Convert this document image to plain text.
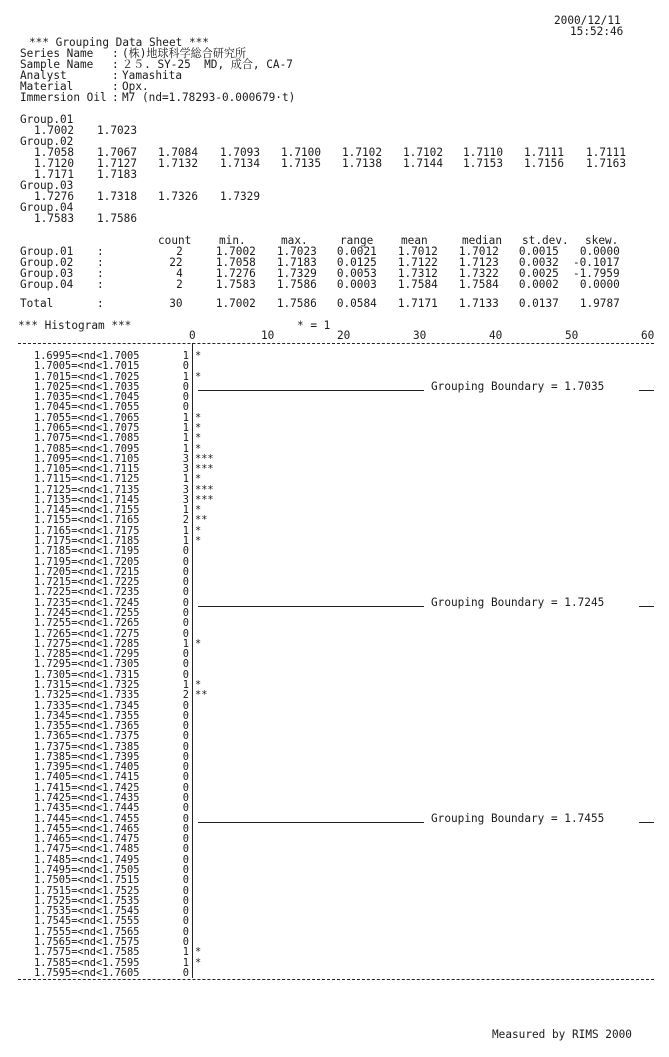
2000/12/11
15:52:46
*** Grouping Data Sheet ***
Series Name : (株)地球科学総合研究所
Sample Name : ２５. SY-25  MD, 成合, CA-7
Analyst : Yamashita
Material : Opx.
Immersion Oil : M7 (nd=1.78293-0.000679·t)
Group.01
1.7002 1.7023
Group.02
1.7058 1.7067 1.7084 1.7093 1.7100 1.7102 1.7102 1.7110 1.7111 1.7111
1.7120 1.7127 1.7132 1.7134 1.7135 1.7138 1.7144 1.7153 1.7156 1.7163
1.7171 1.7183
Group.03
1.7276 1.7318 1.7326 1.7329
Group.04
1.7583 1.7586
count min.	max.	range mean	median st.dev. skew.
Group.01 :	2	1.7002 1.7023 0.0021 1.7012 1.7012 0.0015 0.0000
Group.02 :	22	1.7058 1.7183 0.0125 1.7122 1.7123 0.0032 -0.1017
Group.03 :	4	1.7276 1.7329 0.0053 1.7312 1.7322 0.0025 -1.7959
Group.04 :	2	1.7583 1.7586 0.0003 1.7584 1.7584 0.0002 0.0000
Total	:	30	1.7002 1.7586 0.0584 1.7171 1.7133 0.0137 1.9787
*** Histogram ***	* = 1
0	10	20	30	40	50	60
1.6995=<nd<1.7005	1 *
1.7005=<nd<1.7015	0
1.7015=<nd<1.7025	1 *
1.7025=<nd<1.7035	0	Grouping Boundary = 1.7035
1.7035=<nd<1.7045	0
1.7045=<nd<1.7055	0
1.7055=<nd<1.7065	1 *
1.7065=<nd<1.7075	1 *
1.7075=<nd<1.7085	1 *
1.7085=<nd<1.7095	1 *
1.7095=<nd<1.7105	3 ***
1.7105=<nd<1.7115	3 ***
1.7115=<nd<1.7125	1 *
1.7125=<nd<1.7135	3 ***
1.7135=<nd<1.7145	3 ***
1.7145=<nd<1.7155	1 *
1.7155=<nd<1.7165	2 **
1.7165=<nd<1.7175	1 *
1.7175=<nd<1.7185	1 *
1.7185=<nd<1.7195	0
1.7195=<nd<1.7205	0
1.7205=<nd<1.7215	0
1.7215=<nd<1.7225	0
1.7225=<nd<1.7235	0
1.7235=<nd<1.7245	0	Grouping Boundary = 1.7245
1.7245=<nd<1.7255	0
1.7255=<nd<1.7265	0
1.7265=<nd<1.7275	0
1.7275=<nd<1.7285	1 *
1.7285=<nd<1.7295	0
1.7295=<nd<1.7305	0
1.7305=<nd<1.7315	0
1.7315=<nd<1.7325	1 *
1.7325=<nd<1.7335	2 **
1.7335=<nd<1.7345	0
1.7345=<nd<1.7355	0
1.7355=<nd<1.7365	0
1.7365=<nd<1.7375	0
1.7375=<nd<1.7385	0
1.7385=<nd<1.7395	0
1.7395=<nd<1.7405	0
1.7405=<nd<1.7415	0
1.7415=<nd<1.7425	0
1.7425=<nd<1.7435	0
1.7435=<nd<1.7445	0
1.7445=<nd<1.7455	0	Grouping Boundary = 1.7455
1.7455=<nd<1.7465	0
1.7465=<nd<1.7475	0
1.7475=<nd<1.7485	0
1.7485=<nd<1.7495	0
1.7495=<nd<1.7505	0
1.7505=<nd<1.7515	0
1.7515=<nd<1.7525	0
1.7525=<nd<1.7535	0
1.7535=<nd<1.7545	0
1.7545=<nd<1.7555	0
1.7555=<nd<1.7565	0
1.7565=<nd<1.7575	0
1.7575=<nd<1.7585	1 *
1.7585=<nd<1.7595	1 *
1.7595=<nd<1.7605	0
Measured by RIMS 2000
